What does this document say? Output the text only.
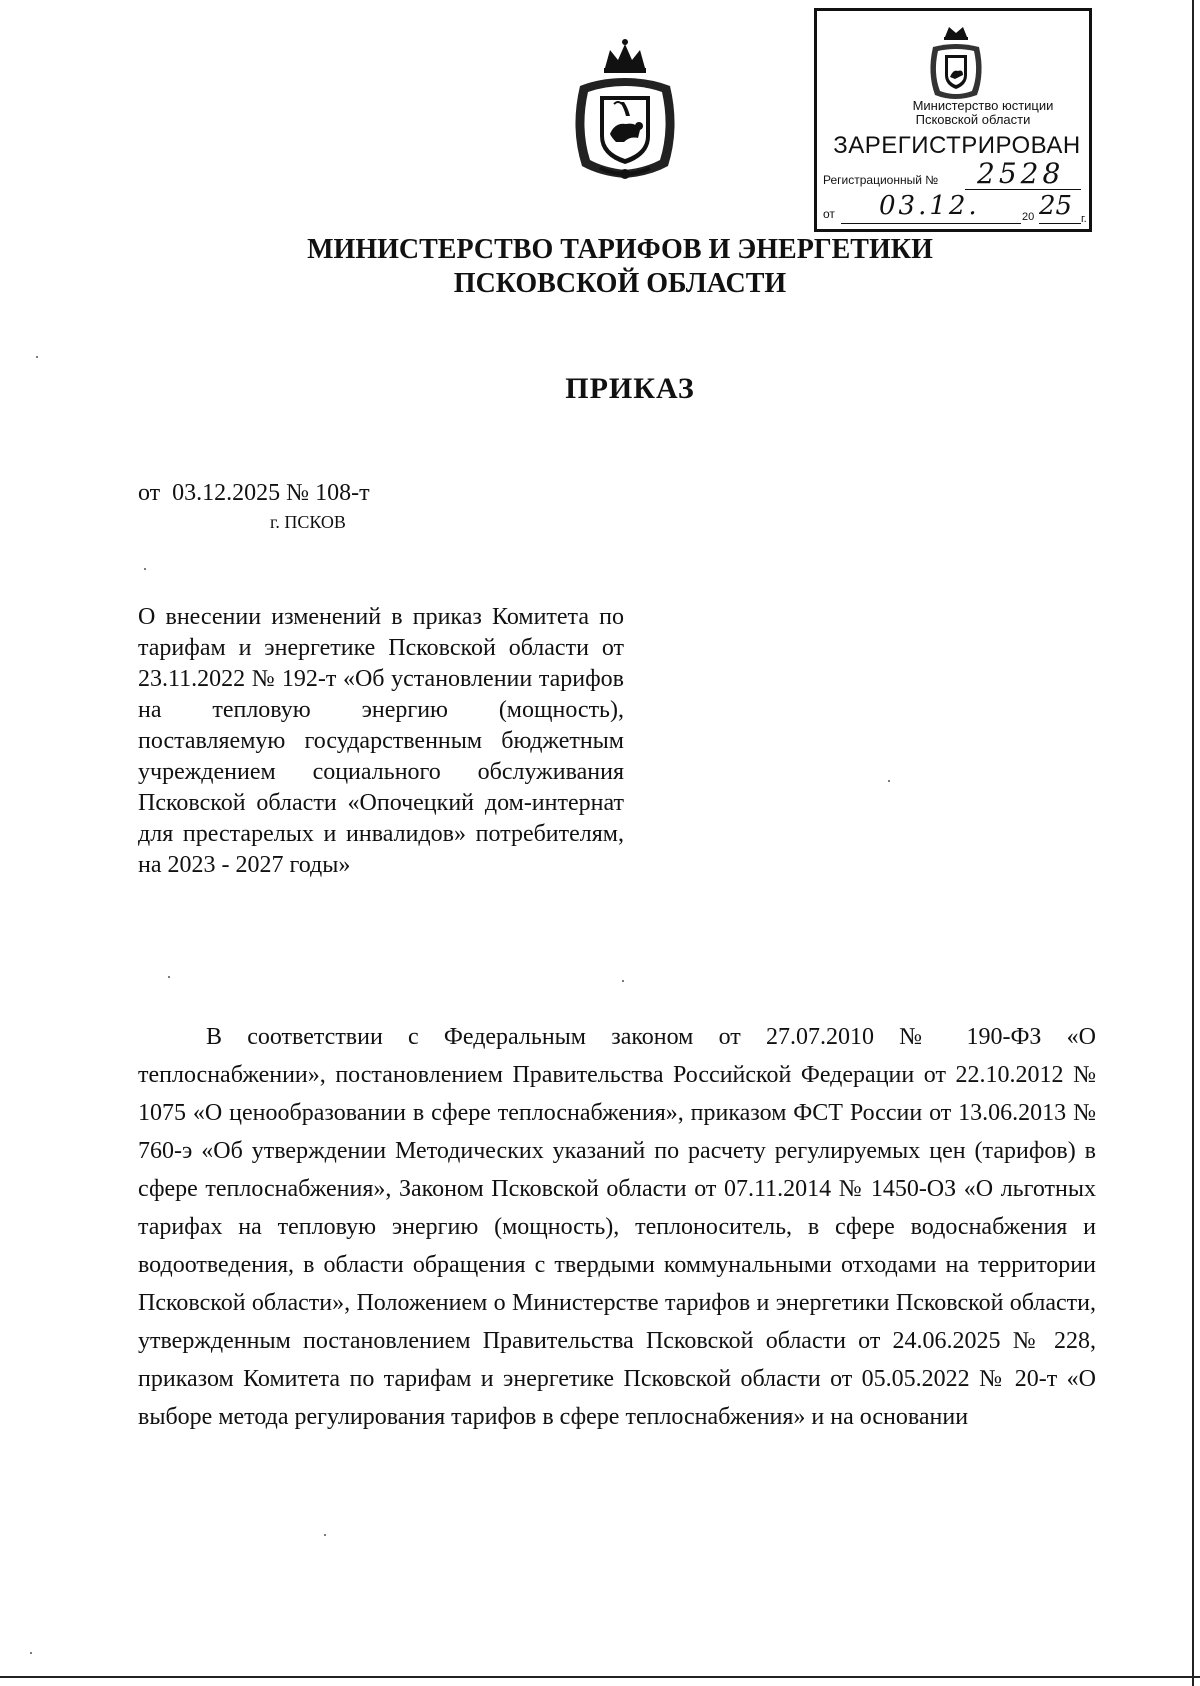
Министерство юстиции
Псковской области
ЗАРЕГИСТРИРОВАН
Регистрационный № 2528
от 03.12.	20 25 г.
МИНИСТЕРСТВО ТАРИФОВ И ЭНЕРГЕТИКИ
ПСКОВСКОЙ ОБЛАСТИ
ПРИКАЗ
от  03.12.2025 № 108-т
г. ПСКОВ

О внесении изменений в приказ Комитета по тарифам и энергетике Псковской области от 23.11.2022 № 192-т «Об установлении тарифов на тепловую энергию (мощность), поставляемую государственным бюджетным учреждением социального обслуживания Псковской области «Опочецкий дом-интернат для престарелых и инвалидов» потребителям, на 2023 - 2027 годы»

В соответствии с Федеральным законом от 27.07.2010 № 190-ФЗ «О теплоснабжении», постановлением Правительства Российской Федерации от 22.10.2012 № 1075 «О ценообразовании в сфере теплоснабжения», приказом ФСТ России от 13.06.2013 № 760-э «Об утверждении Методических указаний по расчету регулируемых цен (тарифов) в сфере теплоснабжения», Законом Псковской области от 07.11.2014 № 1450-ОЗ «О льготных тарифах на тепловую энергию (мощность), теплоноситель, в сфере водоснабжения и водоотведения, в области обращения с твердыми коммунальными отходами на территории Псковской области», Положением о Министерстве тарифов и энергетики Псковской области, утвержденным постановлением Правительства Псковской области от 24.06.2025 № 228, приказом Комитета по тарифам и энергетике Псковской области от 05.05.2022 № 20-т «О выборе метода регулирования тарифов в сфере теплоснабжения» и на основании
